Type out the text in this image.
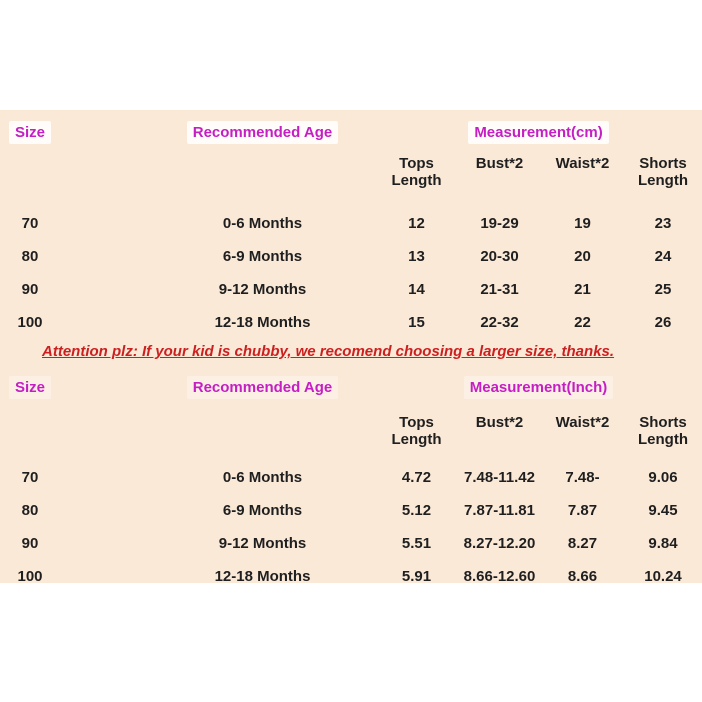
Size	Recommended Age	Measurement(cm)			
		Tops Length	Bust*2	Waist*2	Shorts Length
70	0-6 Months	12	19-29	19	23
80	6-9 Months	13	20-30	20	24
90	9-12 Months	14	21-31	21	25
100	12-18 Months	15	22-32	22	26
Attention plz: If your kid is chubby, we recomend choosing a larger size, thanks.
Size	Recommended Age	Measurement(Inch)			
		Tops Length	Bust*2	Waist*2	Shorts Length
70	0-6 Months	4.72	7.48-11.42	7.48-	9.06
80	6-9 Months	5.12	7.87-11.81	7.87	9.45
90	9-12 Months	5.51	8.27-12.20	8.27	9.84
100	12-18 Months	5.91	8.66-12.60	8.66	10.24
